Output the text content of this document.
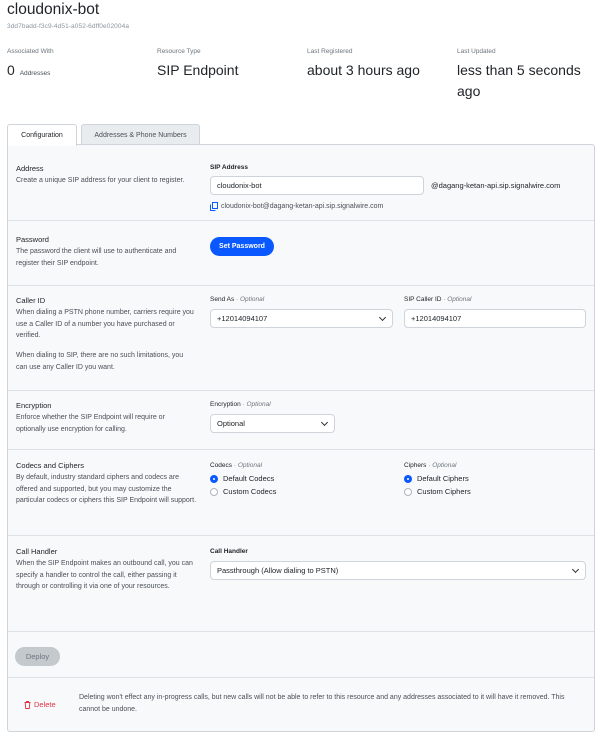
cloudonix-bot
3dd7badd-f3c9-4d51-a052-6dff0e02004a
Associated With
0 Addresses
Resource Type
SIP Endpoint
Last Registered
about 3 hours ago
Last Updated
less than 5 seconds ago
Configuration	Addresses & Phone Numbers
Address
Create a unique SIP address for your client to register.
SIP Address
cloudonix-bot	@dagang-ketan-api.sip.signalwire.com
cloudonix-bot@dagang-ketan-api.sip.signalwire.com
Password
The password the client will use to authenticate and register their SIP endpoint.
Set Password
Caller ID
When dialing a PSTN phone number, carriers require you use a Caller ID of a number you have purchased or verified.
When dialing to SIP, there are no such limitations, you can use any Caller ID you want.
Send As · Optional
+12014094107
SIP Caller ID · Optional
+12014094107
Encryption
Enforce whether the SIP Endpoint will require or optionally use encryption for calling.
Encryption · Optional
Optional
Codecs and Ciphers
By default, industry standard ciphers and codecs are offered and supported, but you may customize the particular codecs or ciphers this SIP Endpoint will support.
Codecs · Optional
Default Codecs
Custom Codecs
Ciphers · Optional
Default Ciphers
Custom Ciphers
Call Handler
When the SIP Endpoint makes an outbound call, you can specify a handler to control the call, either passing it through or controlling it via one of your resources.
Call Handler
Passthrough (Allow dialing to PSTN)
Deploy
Delete
Deleting won't effect any in-progress calls, but new calls will not be able to refer to this resource and any addresses associated to it will have it removed. This cannot be undone.
